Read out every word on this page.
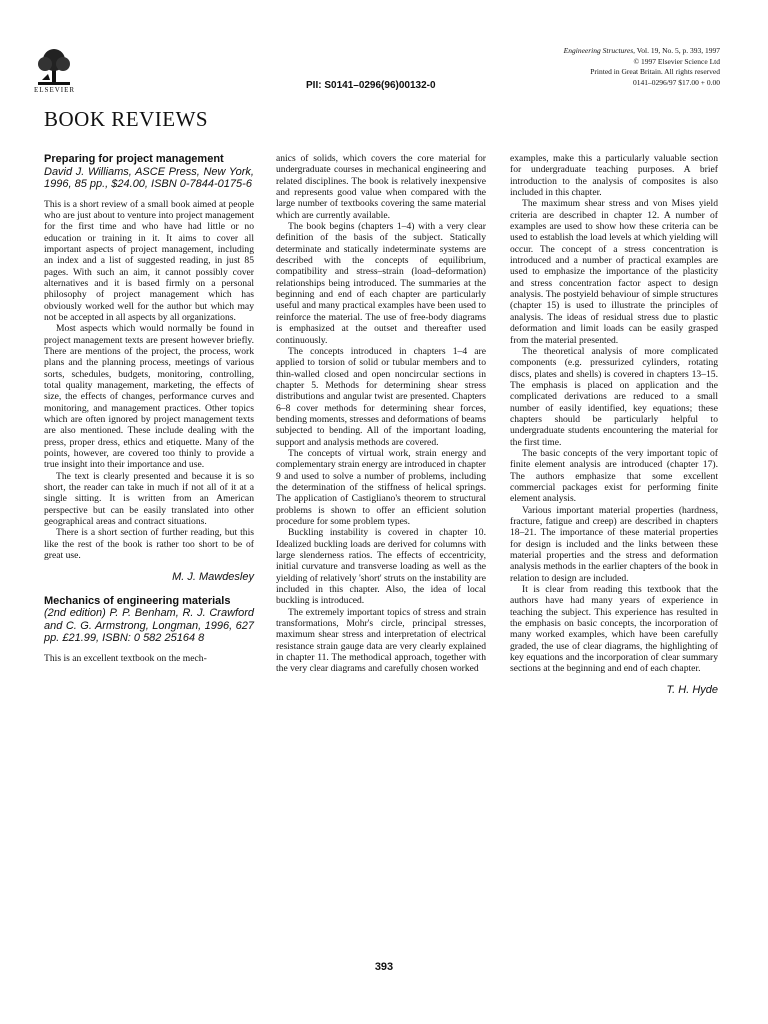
ELSEVIER	PII: S0141–0296(96)00132-0
Engineering Structures, Vol. 19, No. 5, p. 393, 1997
© 1997 Elsevier Science Ltd
Printed in Great Britain. All rights reserved
0141–0296/97 $17.00 + 0.00
BOOK REVIEWS
Preparing for project management
David J. Williams, ASCE Press, New York, 1996, 85 pp., $24.00, ISBN 0-7844-0175-6

This is a short review of a small book aimed at people who are just about to venture into project management for the first time and who have had little or no education or training in it. It aims to cover all important aspects of project management, including an index and a list of suggested reading, in just 85 pages. With such an aim, it cannot possibly cover alternatives and it is based firmly on a personal philosophy of project management which has obviously worked well for the author but which may not be accepted in all aspects by all organizations.

Most aspects which would normally be found in project management texts are present however briefly. There are mentions of the project, the process, work plans and the planning process, meetings of various sorts, schedules, budgets, monitoring, controlling, total quality management, marketing, the effects of size, the effects of changes, performance curves and monitoring, and management practices. Other topics which are often ignored by project management texts are also mentioned. These include dealing with the press, proper dress, ethics and etiquette. Many of the points, however, are covered too thinly to provide a true insight into their importance and use.

The text is clearly presented and because it is so short, the reader can take in much if not all of it at a single sitting. It is written from an American perspective but can be easily translated into other geographical areas and contract situations.

There is a short section of further reading, but this like the rest of the book is rather too short to be of great use.

M. J. Mawdesley
Mechanics of engineering materials
(2nd edition) P. P. Benham, R. J. Crawford and C. G. Armstrong, Longman, 1996, 627 pp. £21.99, ISBN: 0 582 25164 8

This is an excellent textbook on the mech-

anics of solids, which covers the core material for undergraduate courses in mechanical engineering and related disciplines. The book is relatively inexpensive and represents good value when compared with the large number of textbooks covering the same material which are currently available.

The book begins (chapters 1–4) with a very clear definition of the basis of the subject. Statically determinate and statically indeterminate systems are described with the concepts of equilibrium, compatibility and stress–strain (load–deformation) relationships being introduced. The summaries at the beginning and end of each chapter are particularly useful and many practical examples have been used to reinforce the material. The use of free-body diagrams is emphasized at the outset and thereafter used continuously.

The concepts introduced in chapters 1–4 are applied to torsion of solid or tubular members and to thin-walled closed and open noncircular sections in chapter 5. Methods for determining shear stress distributions and angular twist are presented. Chapters 6–8 cover methods for determining shear forces, bending moments, stresses and deformations of beams subjected to bending. All of the important loading, support and analysis methods are covered.

The concepts of virtual work, strain energy and complementary strain energy are introduced in chapter 9 and used to solve a number of problems, including the determination of the stiffness of helical springs. The application of Castigliano's theorem to structural problems is shown to offer an efficient solution procedure for some problem types.

Buckling instability is covered in chapter 10. Idealized buckling loads are derived for columns with large slenderness ratios. The effects of eccentricity, initial curvature and transverse loading as well as the yielding of relatively 'short' struts on the instability are included in this chapter. Also, the idea of local buckling is introduced.

The extremely important topics of stress and strain transformations, Mohr's circle, principal stresses, maximum shear stress and interpretation of electrical resistance strain gauge data are very clearly explained in chapter 11. The methodical approach, together with the very clear diagrams and carefully chosen worked

examples, make this a particularly valuable section for undergraduate teaching purposes. A brief introduction to the analysis of composites is also included in this chapter.

The maximum shear stress and von Mises yield criteria are described in chapter 12. A number of examples are used to show how these criteria can be used to establish the load levels at which yielding will occur. The concept of a stress concentration is introduced and a number of practical examples are used to emphasize the importance of the plasticity and stress concentration factor aspect to design analysis. The postyield behaviour of simple structures (chapter 15) is used to illustrate the principles of analysis. The ideas of residual stress due to plastic deformation and limit loads can be easily grasped from the material presented.

The theoretical analysis of more complicated components (e.g. pressurized cylinders, rotating discs, plates and shells) is covered in chapters 13–15. The emphasis is placed on application and the complicated derivations are reduced to a small number of easily identified, key equations; these chapters should be particularly helpful to undergraduate students encountering the material for the first time.

The basic concepts of the very important topic of finite element analysis are introduced (chapter 17). The authors emphasize that some excellent commercial packages exist for performing finite element analysis.

Various important material properties (hardness, fracture, fatigue and creep) are described in chapters 18–21. The importance of these material properties for design is included and the links between these material properties and the stress and deformation analysis methods in the earlier chapters of the book in relation to design are included.

It is clear from reading this textbook that the authors have had many years of experience in teaching the subject. This experience has resulted in the emphasis on basic concepts, the incorporation of many worked examples, which have been carefully graded, the use of clear diagrams, the highlighting of key equations and the incorporation of clear summary sections at the beginning and end of each chapter.

T. H. Hyde
393
